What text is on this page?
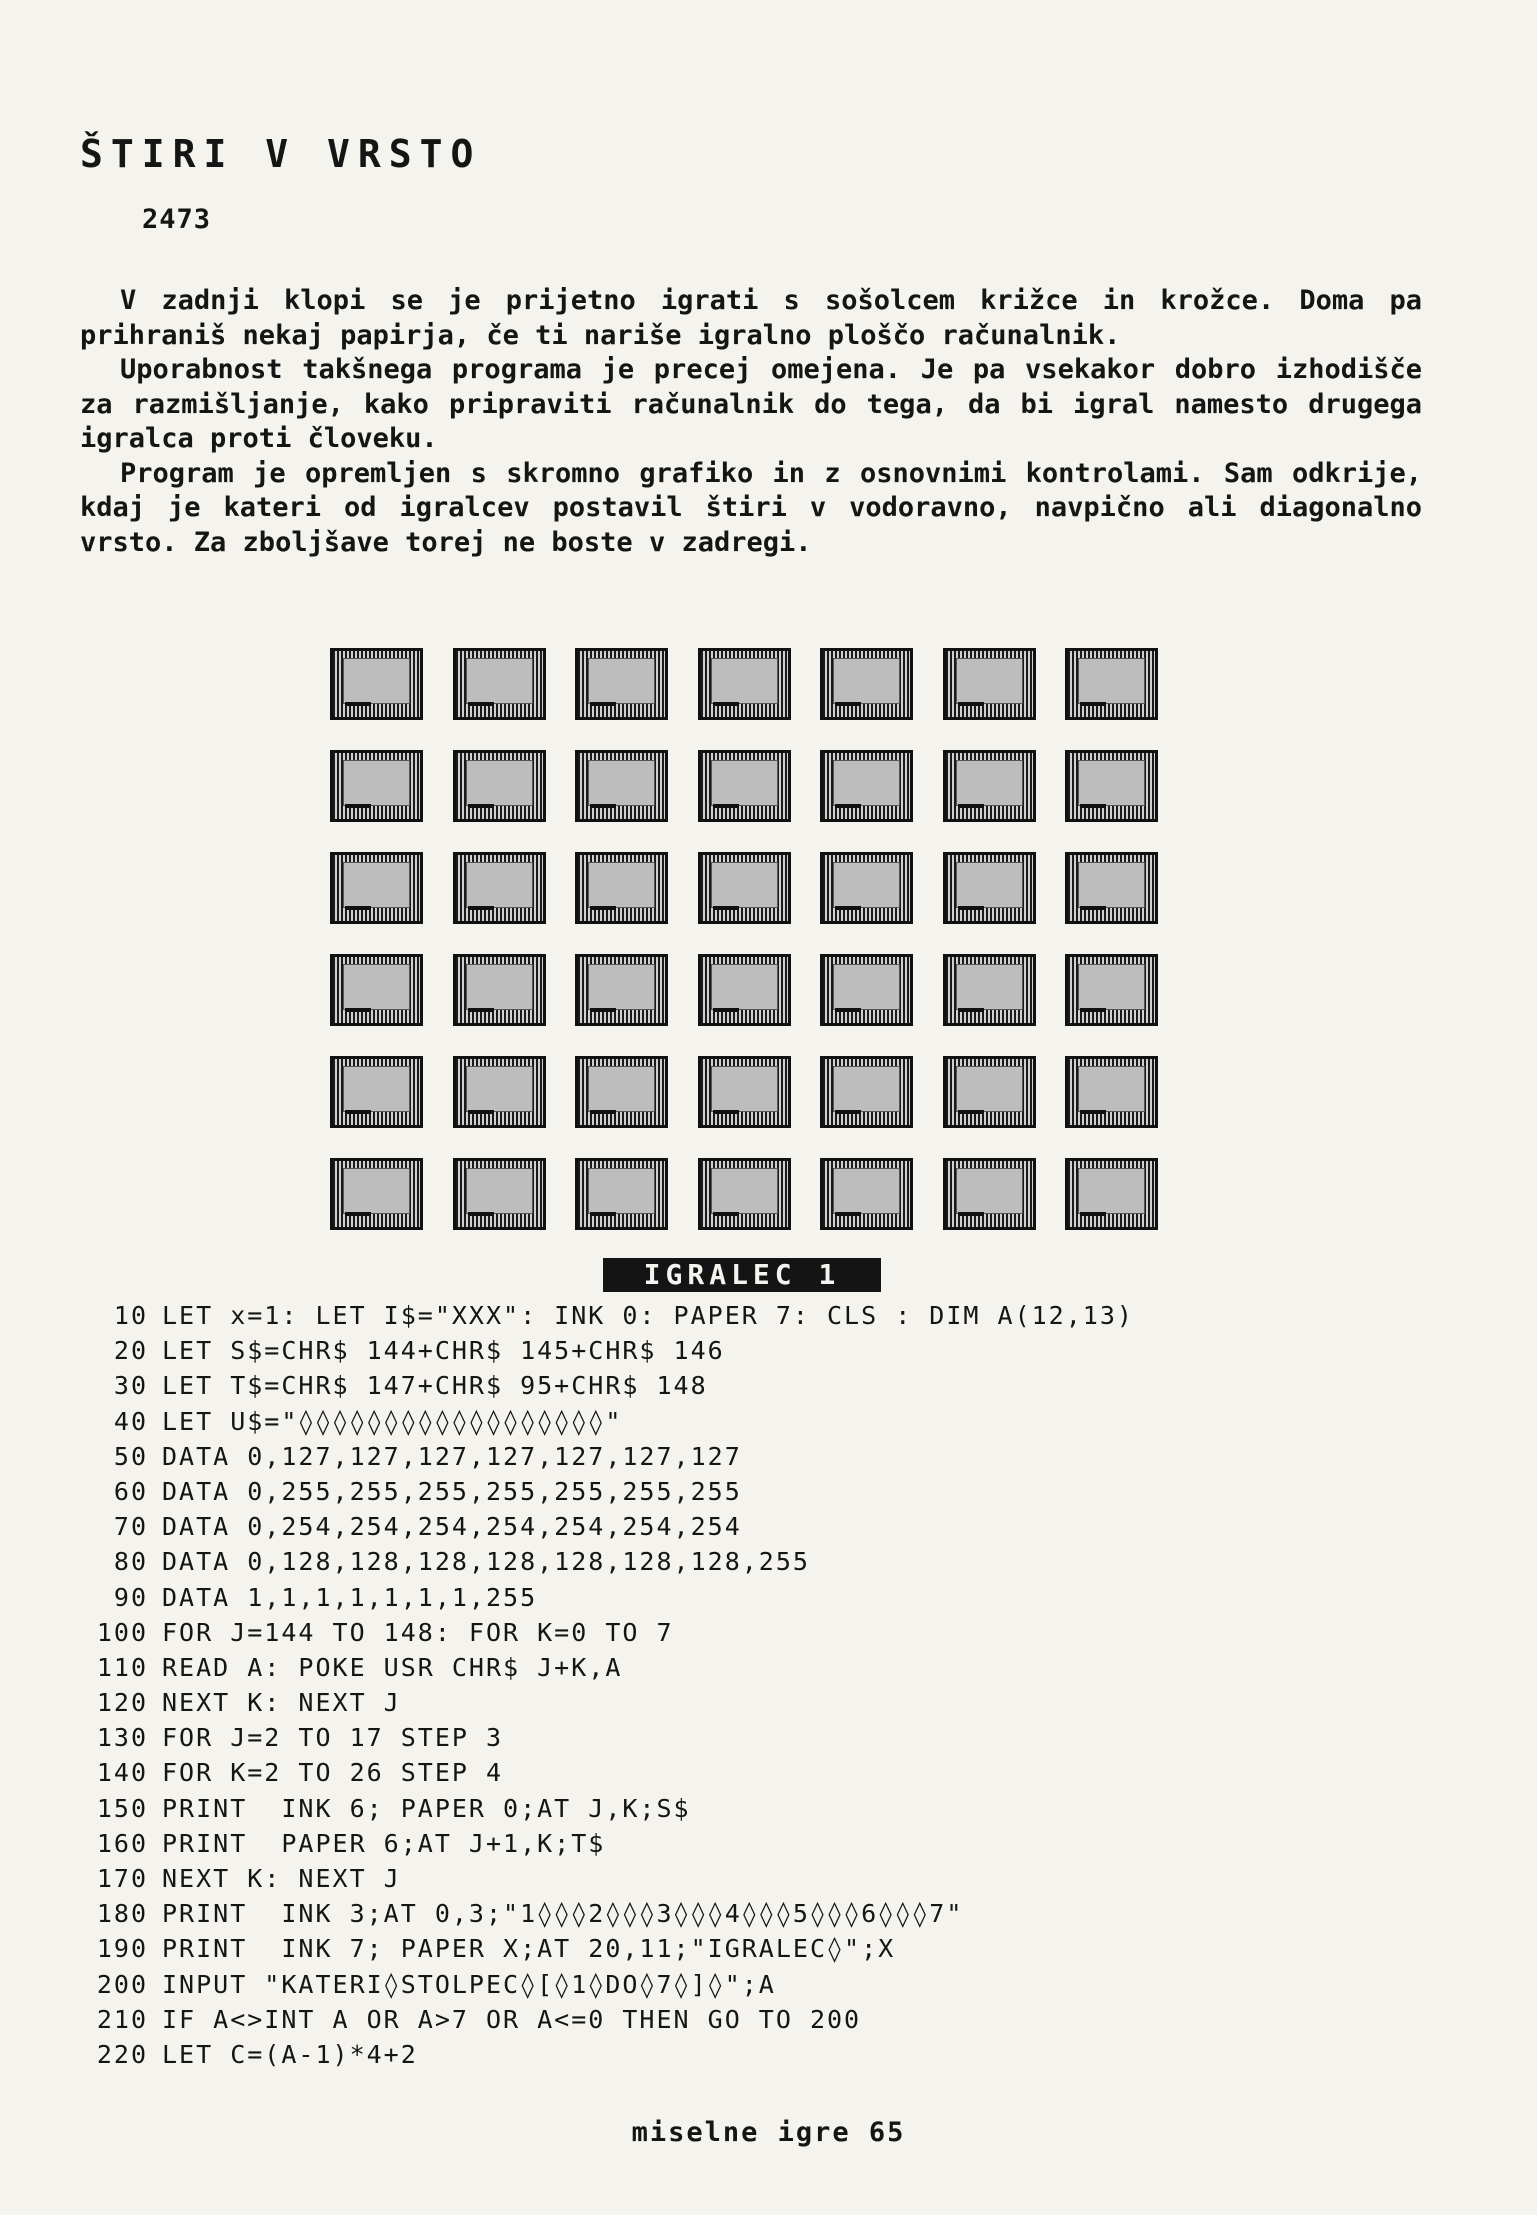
ŠTIRI V VRSTO
2473

V zadnji klopi se je prijetno igrati s sošolcem križce in krožce. Doma pa prihraniš nekaj papirja, če ti nariše igralno ploščo računalnik.

Uporabnost takšnega programa je precej omejena. Je pa vsekakor dobro izhodišče za razmišljanje, kako pripraviti računalnik do tega, da bi igral namesto drugega igralca proti človeku.

Program je opremljen s skromno grafiko in z osnovnimi kontrolami. Sam odkrije, kdaj je kateri od igralcev postavil štiri v vodoravno, navpično ali diagonalno vrsto. Za zboljšave torej ne boste v zadregi.

IGRALEC 1
10 LET x=1: LET I$="XXX": INK 0: PAPER 7: CLS : DIM A(12,13)
20 LET S$=CHR$ 144+CHR$ 145+CHR$ 146
30 LET T$=CHR$ 147+CHR$ 95+CHR$ 148
40 LET U$="◊◊◊◊◊◊◊◊◊◊◊◊◊◊◊◊◊◊"
50 DATA 0,127,127,127,127,127,127,127
60 DATA 0,255,255,255,255,255,255,255
70 DATA 0,254,254,254,254,254,254,254
80 DATA 0,128,128,128,128,128,128,128,255
90 DATA 1,1,1,1,1,1,1,255
100 FOR J=144 TO 148: FOR K=0 TO 7
110 READ A: POKE USR CHR$ J+K,A
120 NEXT K: NEXT J
130 FOR J=2 TO 17 STEP 3
140 FOR K=2 TO 26 STEP 4
150 PRINT  INK 6; PAPER 0;AT J,K;S$
160 PRINT  PAPER 6;AT J+1,K;T$
170 NEXT K: NEXT J
180 PRINT  INK 3;AT 0,3;"1◊◊◊2◊◊◊3◊◊◊4◊◊◊5◊◊◊6◊◊◊7"
190 PRINT  INK 7; PAPER X;AT 20,11;"IGRALEC◊";X
200 INPUT "KATERI◊STOLPEC◊[◊1◊DO◊7◊]◊";A
210 IF A<>INT A OR A>7 OR A<=0 THEN GO TO 200
220 LET C=(A-1)*4+2
miselne igre 65
